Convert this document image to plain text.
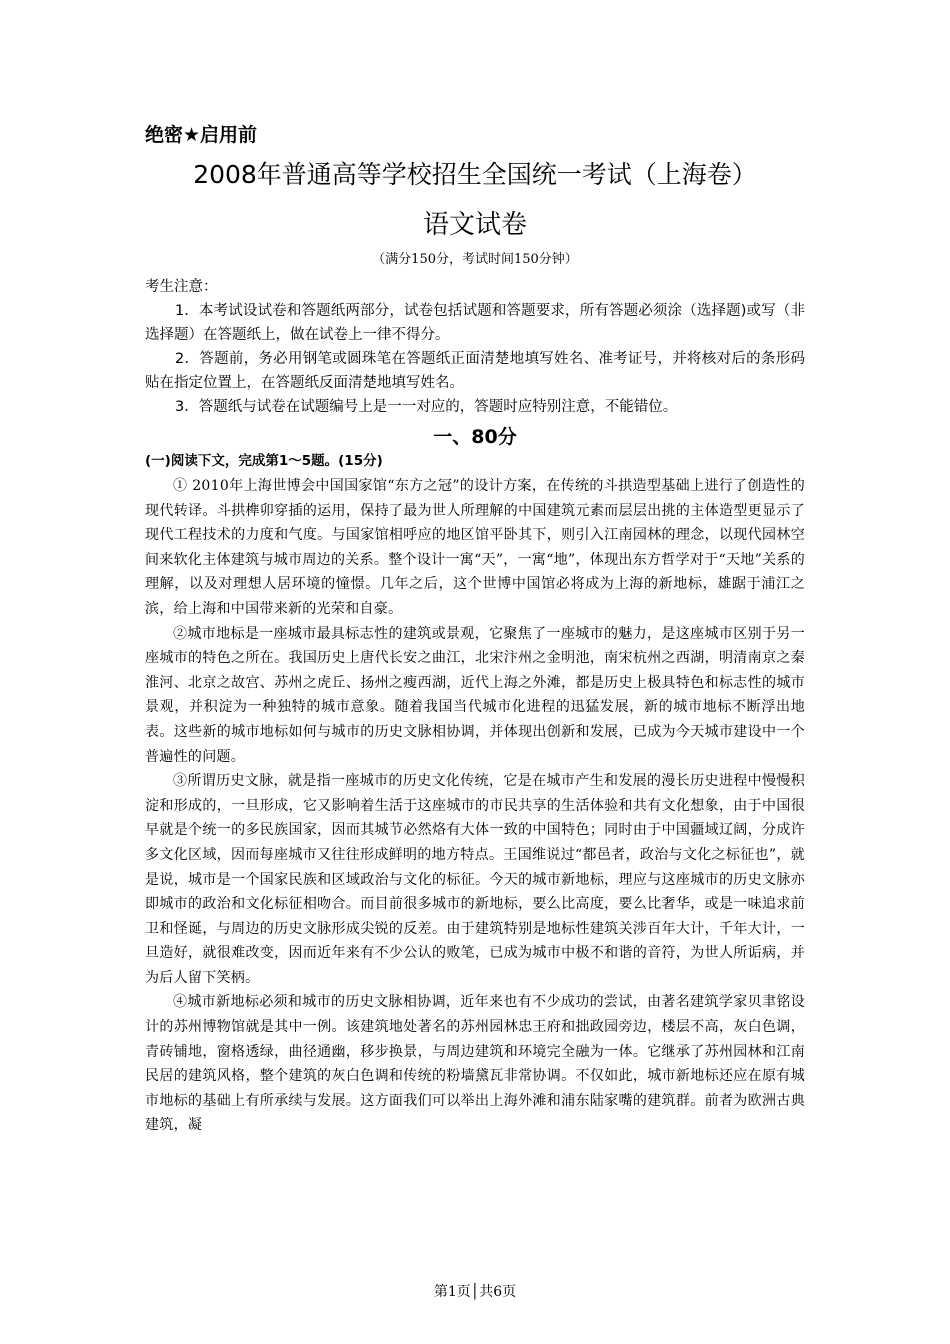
绝密★启用前
2008年普通高等学校招生全国统一考试（上海卷）
语文试卷
（满分150分，考试时间150分钟）

考生注意：

1．本考试设试卷和答题纸两部分，试卷包括试题和答题要求，所有答题必须涂（选择题)或写（非选择题）在答题纸上，做在试卷上一律不得分。

2．答题前，务必用钢笔或圆珠笔在答题纸正面清楚地填写姓名、准考证号，并将核对后的条形码贴在指定位置上，在答题纸反面清楚地填写姓名。

3．答题纸与试卷在试题编号上是一一对应的，答题时应特别注意，不能错位。

一、80分
(一)阅读下文，完成第1～5题。(15分)

① 2010年上海世博会中国国家馆“东方之冠”的设计方案，在传统的斗拱造型基础上进行了创造性的现代转译。斗拱榫卯穿插的运用，保持了最为世人所理解的中国建筑元素而层层出挑的主体造型更显示了现代工程技术的力度和气度。与国家馆相呼应的地区馆平卧其下，则引入江南园林的理念，以现代园林空间来软化主体建筑与城市周边的关系。整个设计一寓“天”，一寓“地”，体现出东方哲学对于“天地”关系的理解，以及对理想人居环境的憧憬。几年之后，这个世博中国馆必将成为上海的新地标，雄踞于浦江之滨，给上海和中国带来新的光荣和自豪。

②城市地标是一座城市最具标志性的建筑或景观，它聚焦了一座城市的魅力，是这座城市区别于另一座城市的特色之所在。我国历史上唐代长安之曲江，北宋汴州之金明池，南宋杭州之西湖，明清南京之秦淮河、北京之故宫、苏州之虎丘、扬州之瘦西湖，近代上海之外滩，都是历史上极具特色和标志性的城市景观，并积淀为一种独特的城市意象。随着我国当代城市化进程的迅猛发展，新的城市地标不断浮出地表。这些新的城市地标如何与城市的历史文脉相协调，并体现出创新和发展，已成为今天城市建设中一个普遍性的问题。

③所谓历史文脉，就是指一座城市的历史文化传统，它是在城市产生和发展的漫长历史进程中慢慢积淀和形成的，一旦形成，它又影响着生活于这座城市的市民共享的生活体验和共有文化想象，由于中国很早就是个统一的多民族国家，因而其城节必然烙有大体一致的中国特色；同时由于中国疆域辽阔，分成许多文化区域，因而每座城市又往往形成鲜明的地方特点。王国维说过“都邑者，政治与文化之标征也”，就是说，城市是一个国家民族和区域政治与文化的标征。今天的城市新地标，理应与这座城市的历史文脉亦即城市的政治和文化标征相吻合。而目前很多城市的新地标，要么比高度，要么比奢华，或是一味追求前卫和怪诞，与周边的历史文脉形成尖锐的反差。由于建筑特别是地标性建筑关涉百年大计，千年大计，一旦造好，就很难改变，因而近年来有不少公认的败笔，已成为城市中极不和谐的音符，为世人所诟病，并为后人留下笑柄。

④城市新地标必须和城市的历史文脉相协调，近年来也有不少成功的尝试，由著名建筑学家贝聿铭设计的苏州博物馆就是其中一例。该建筑地处著名的苏州园林忠王府和拙政园旁边，楼层不高，灰白色调，青砖铺地，窗格透绿，曲径通幽，移步换景，与周边建筑和环境完全融为一体。它继承了苏州园林和江南民居的建筑风格，整个建筑的灰白色调和传统的粉墙黛瓦非常协调。不仅如此，城市新地标还应在原有城市地标的基础上有所承续与发展。这方面我们可以举出上海外滩和浦东陆家嘴的建筑群。前者为欧洲古典建筑，凝

第1页│共6页
